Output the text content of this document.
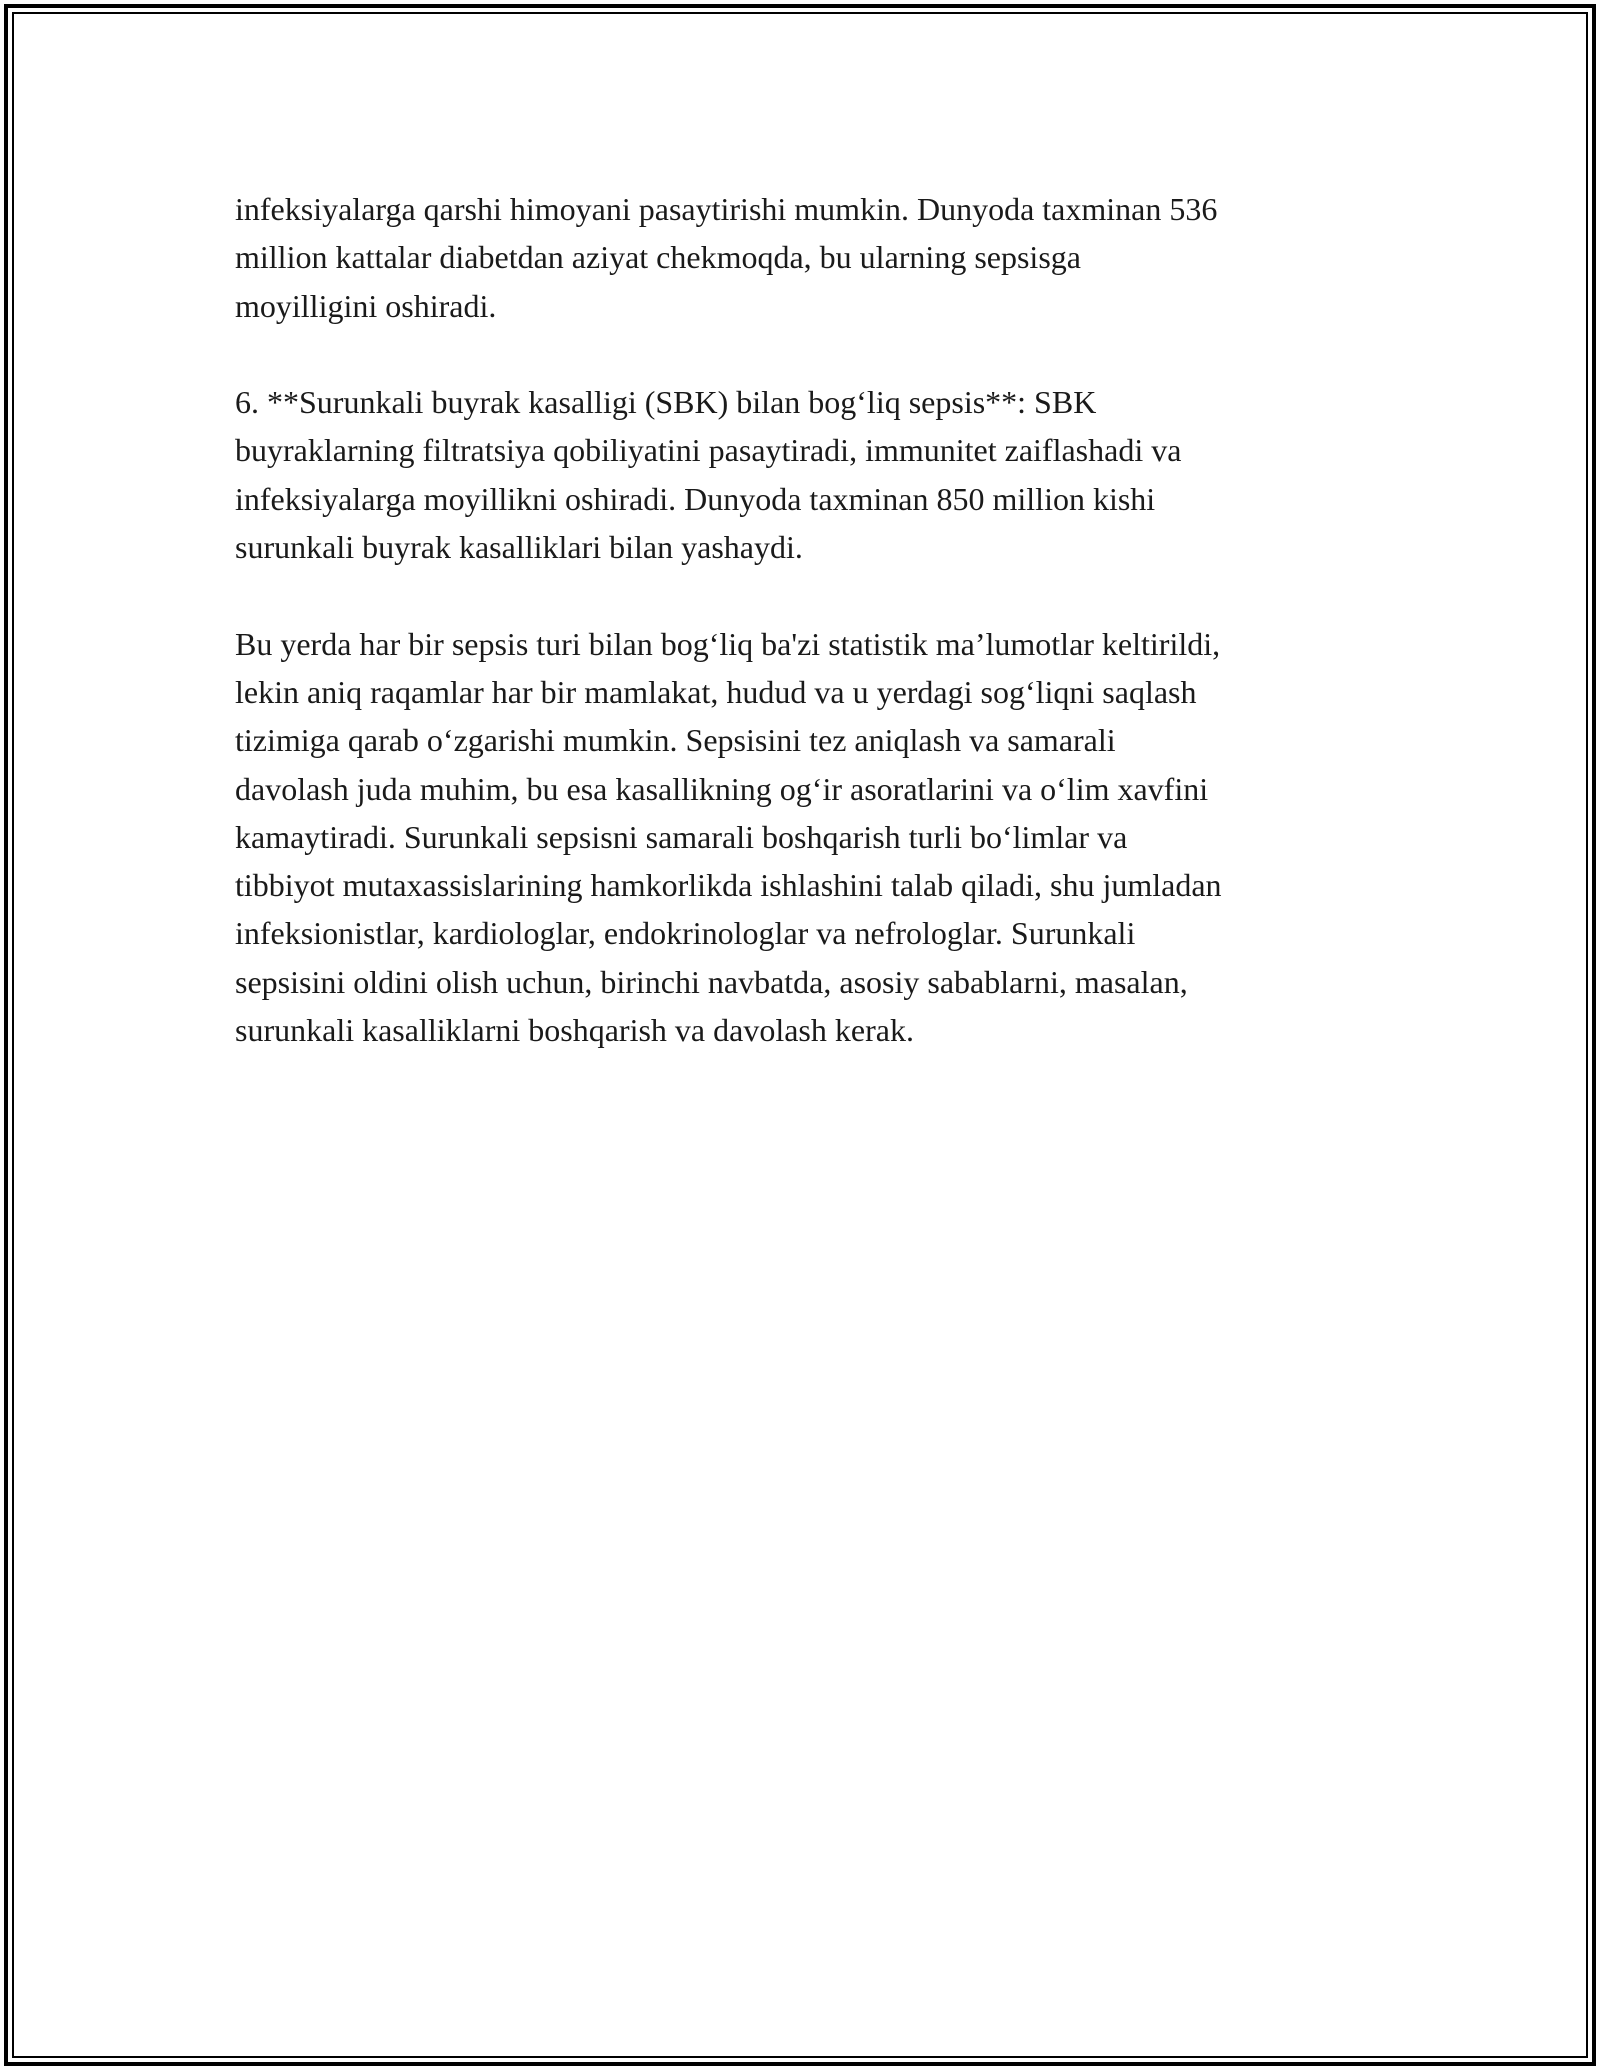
infeksiyalarga qarshi himoyani pasaytirishi mumkin. Dunyoda taxminan 536
million kattalar diabetdan aziyat chekmoqda, bu ularning sepsisga
moyilligini oshiradi.

6. **Surunkali buyrak kasalligi (SBK) bilan bog‘liq sepsis**: SBK
buyraklarning filtratsiya qobiliyatini pasaytiradi, immunitet zaiflashadi va
infeksiyalarga moyillikni oshiradi. Dunyoda taxminan 850 million kishi
surunkali buyrak kasalliklari bilan yashaydi.

Bu yerda har bir sepsis turi bilan bog‘liq ba'zi statistik ma’lumotlar keltirildi,
lekin aniq raqamlar har bir mamlakat, hudud va u yerdagi sog‘liqni saqlash
tizimiga qarab o‘zgarishi mumkin. Sepsisini tez aniqlash va samarali
davolash juda muhim, bu esa kasallikning og‘ir asoratlarini va o‘lim xavfini
kamaytiradi. Surunkali sepsisni samarali boshqarish turli bo‘limlar va
tibbiyot mutaxassislarining hamkorlikda ishlashini talab qiladi, shu jumladan
infeksionistlar, kardiologlar, endokrinologlar va nefrologlar. Surunkali
sepsisini oldini olish uchun, birinchi navbatda, asosiy sabablarni, masalan,
surunkali kasalliklarni boshqarish va davolash kerak.
